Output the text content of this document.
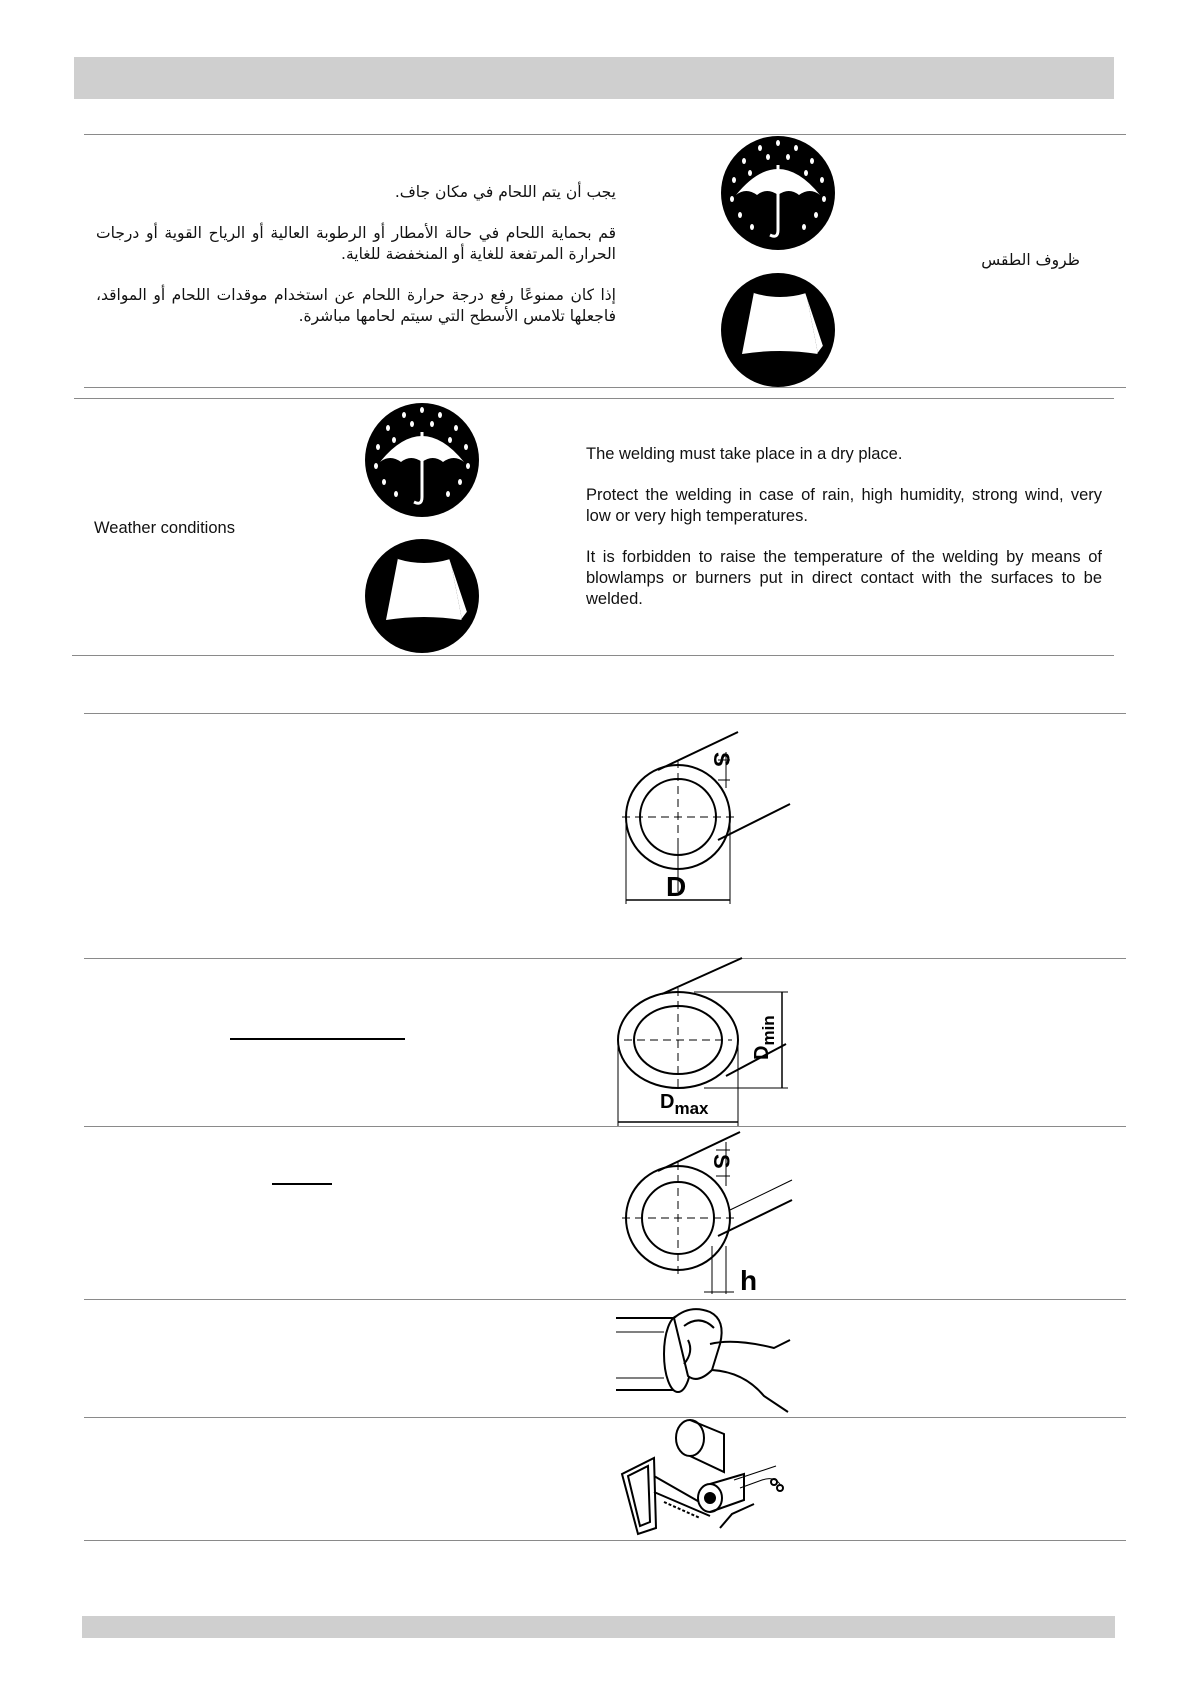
يجب أن يتم اللحام في مكان جاف.

قم بحماية اللحام في حالة الأمطار أو الرطوبة العالية أو الرياح القوية أو درجات الحرارة المرتفعة للغاية أو المنخفضة للغاية.

إذا كان ممنوعًا رفع درجة حرارة اللحام عن استخدام موقدات اللحام أو المواقد، فاجعلها تلامس الأسطح التي سيتم لحامها مباشرة.

ظروف الطقس
Weather conditions

The welding must take place in a dry place.

Protect the welding in case of rain, high humidity, strong wind, very low or very high temperatures.

It is forbidden to raise the temperature of the welding by means of blowlamps or burners put in direct contact with the surfaces to be welded.

S
D
$D_{min}$
$D_{max}$
S
h
